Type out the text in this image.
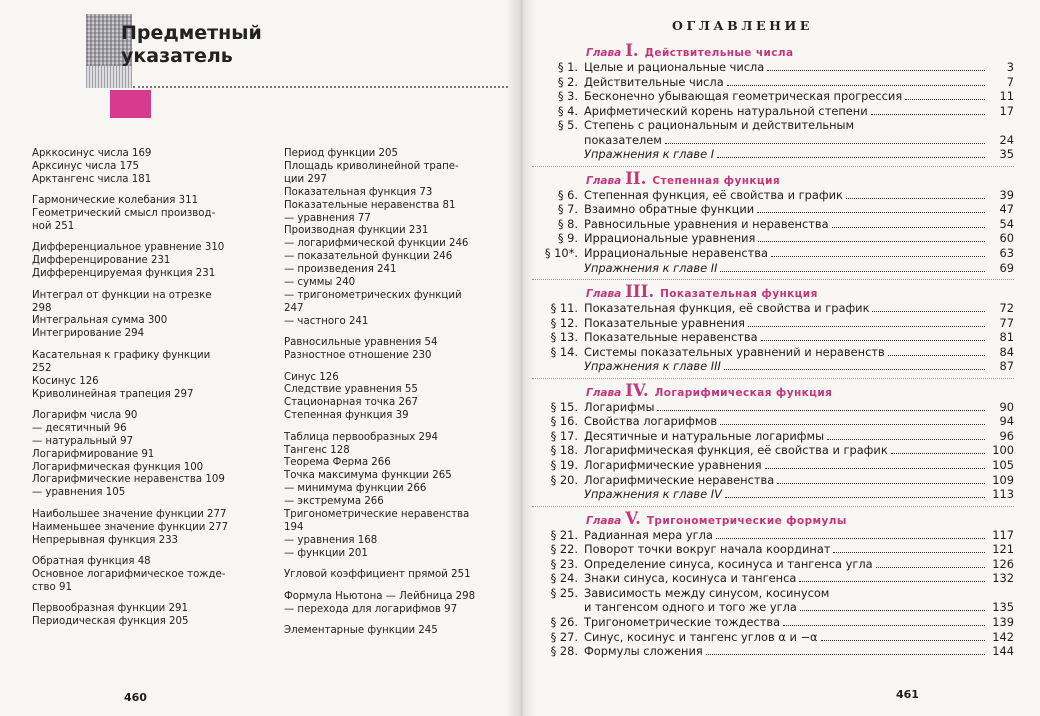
Предметный
указатель
Арккосинус числа 169
Арксинус числа 175
Арктангенс числа 181
Гармонические колебания 311
Геометрический смысл производ-
ной 251
Дифференциальное уравнение 310
Дифференцирование 231
Дифференцируемая функция 231
Интеграл от функции на отрезке
298
Интегральная сумма 300
Интегрирование 294
Касательная к графику функции
252
Косинус 126
Криволинейная трапеция 297
Логарифм числа 90
— десятичный 96
— натуральный 97
Логарифмирование 91
Логарифмическая функция 100
Логарифмические неравенства 109
— уравнения 105
Наибольшее значение функции 277
Наименьшее значение функции 277
Непрерывная функция 233
Обратная функция 48
Основное логарифмическое тожде-
ство 91
Первообразная функции 291
Периодическая функция 205
Период функции 205
Площадь криволинейной трапе-
ции 297
Показательная функция 73
Показательные неравенства 81
— уравнения 77
Производная функции 231
— логарифмической функции 246
— показательной функции 246
— произведения 241
— суммы 240
— тригонометрических функций
247
— частного 241
Равносильные уравнения 54
Разностное отношение 230
Синус 126
Следствие уравнения 55
Стационарная точка 267
Степенная функция 39
Таблица первообразных 294
Тангенс 128
Теорема Ферма 266
Точка максимума функции 265
— минимума функции 266
— экстремума 266
Тригонометрические неравенства
194
— уравнения 168
— функции 201
Угловой коэффициент прямой 251
Формула Ньютона — Лейбница 298
— перехода для логарифмов 97
Элементарные функции 245
460
ОГЛАВЛЕНИЕ
Глава I. Действительные числа
§ 1. Целые и рациональные числа	3
§ 2. Действительные числа	7
§ 3. Бесконечно убывающая геометрическая прогрессия	11
§ 4. Арифметический корень натуральной степени	17
§ 5. Степень с рациональным и действительным
показателем	24
Упражнения к главе I	35
Глава II. Степенная функция
§ 6. Степенная функция, её свойства и график	39
§ 7. Взаимно обратные функции	47
§ 8. Равносильные уравнения и неравенства	54
§ 9. Иррациональные уравнения	60
§ 10*. Иррациональные неравенства	63
Упражнения к главе II	69
Глава III. Показательная функция
§ 11. Показательная функция, её свойства и график	72
§ 12. Показательные уравнения	77
§ 13. Показательные неравенства	81
§ 14. Системы показательных уравнений и неравенств	84
Упражнения к главе III	87
Глава IV. Логарифмическая функция
§ 15. Логарифмы	90
§ 16. Свойства логарифмов	94
§ 17. Десятичные и натуральные логарифмы	96
§ 18. Логарифмическая функция, её свойства и график	100
§ 19. Логарифмические уравнения	105
§ 20. Логарифмические неравенства	109
Упражнения к главе IV	113
Глава V. Тригонометрические формулы
§ 21. Радианная мера угла	117
§ 22. Поворот точки вокруг начала координат	121
§ 23. Определение синуса, косинуса и тангенса угла	126
§ 24. Знаки синуса, косинуса и тангенса	132
§ 25. Зависимость между синусом, косинусом
и тангенсом одного и того же угла	135
§ 26. Тригонометрические тождества	139
§ 27. Синус, косинус и тангенс углов α и −α	142
§ 28. Формулы сложения	144
461
